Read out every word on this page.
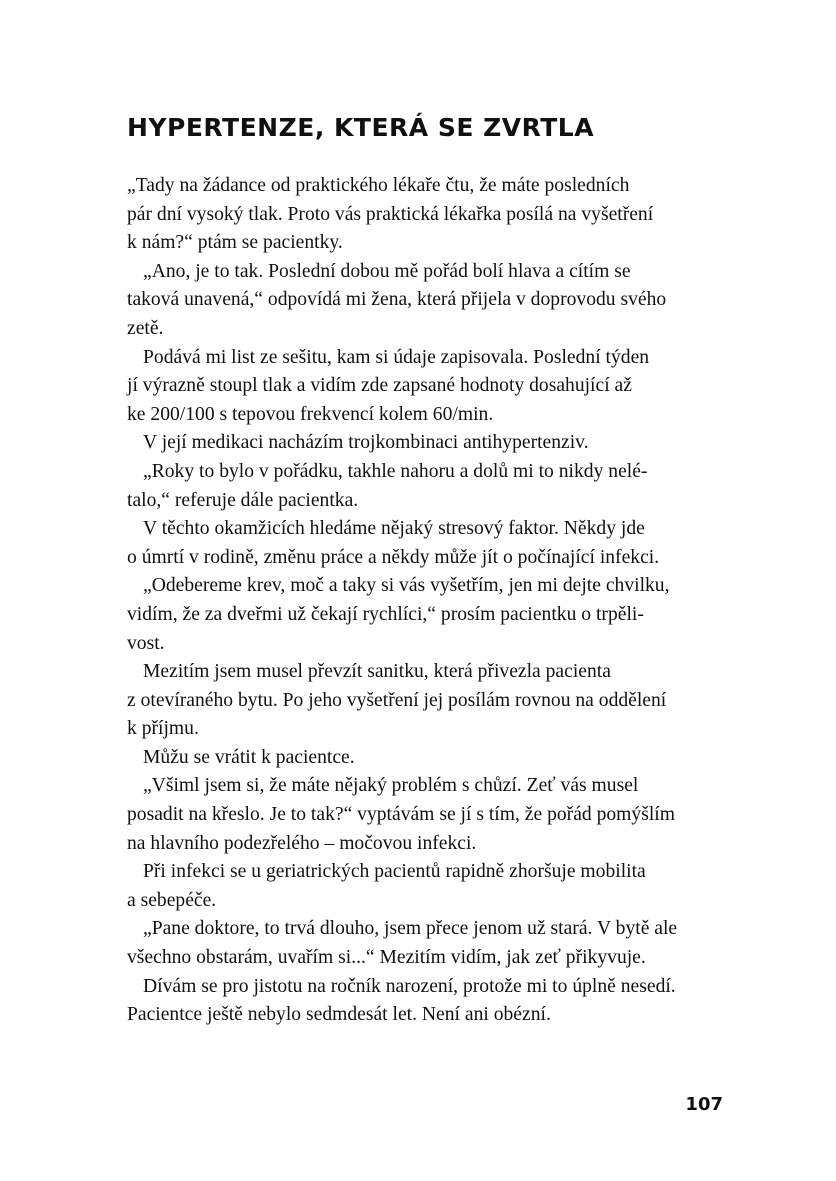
HYPERTENZE, KTERÁ SE ZVRTLA
„Tady na žádance od praktického lékaře čtu, že máte posledních
pár dní vysoký tlak. Proto vás praktická lékařka posílá na vyšetření
k nám?“ ptám se pacientky.
„Ano, je to tak. Poslední dobou mě pořád bolí hlava a cítím se
taková unavená,“ odpovídá mi žena, která přijela v doprovodu svého
zetě.
Podává mi list ze sešitu, kam si údaje zapisovala. Poslední týden
jí výrazně stoupl tlak a vidím zde zapsané hodnoty dosahující až
ke 200/100 s tepovou frekvencí kolem 60/min.
V její medikaci nacházím trojkombinaci antihypertenziv.
„Roky to bylo v pořádku, takhle nahoru a dolů mi to nikdy nelé-
talo,“ referuje dále pacientka.
V těchto okamžicích hledáme nějaký stresový faktor. Někdy jde
o úmrtí v rodině, změnu práce a někdy může jít o počínající infekci.
„Odebereme krev, moč a taky si vás vyšetřím, jen mi dejte chvilku,
vidím, že za dveřmi už čekají rychlíci,“ prosím pacientku o trpěli-
vost.
Mezitím jsem musel převzít sanitku, která přivezla pacienta
z otevíraného bytu. Po jeho vyšetření jej posílám rovnou na oddělení
k příjmu.
Můžu se vrátit k pacientce.
„Všiml jsem si, že máte nějaký problém s chůzí. Zeť vás musel
posadit na křeslo. Je to tak?“ vyptávám se jí s tím, že pořád pomýšlím
na hlavního podezřelého – močovou infekci.
Při infekci se u geriatrických pacientů rapidně zhoršuje mobilita
a sebepéče.
„Pane doktore, to trvá dlouho, jsem přece jenom už stará. V bytě ale
všechno obstarám, uvařím si...“ Mezitím vidím, jak zeť přikyvuje.
Dívám se pro jistotu na ročník narození, protože mi to úplně nesedí.
Pacientce ještě nebylo sedmdesát let. Není ani obézní.
107
